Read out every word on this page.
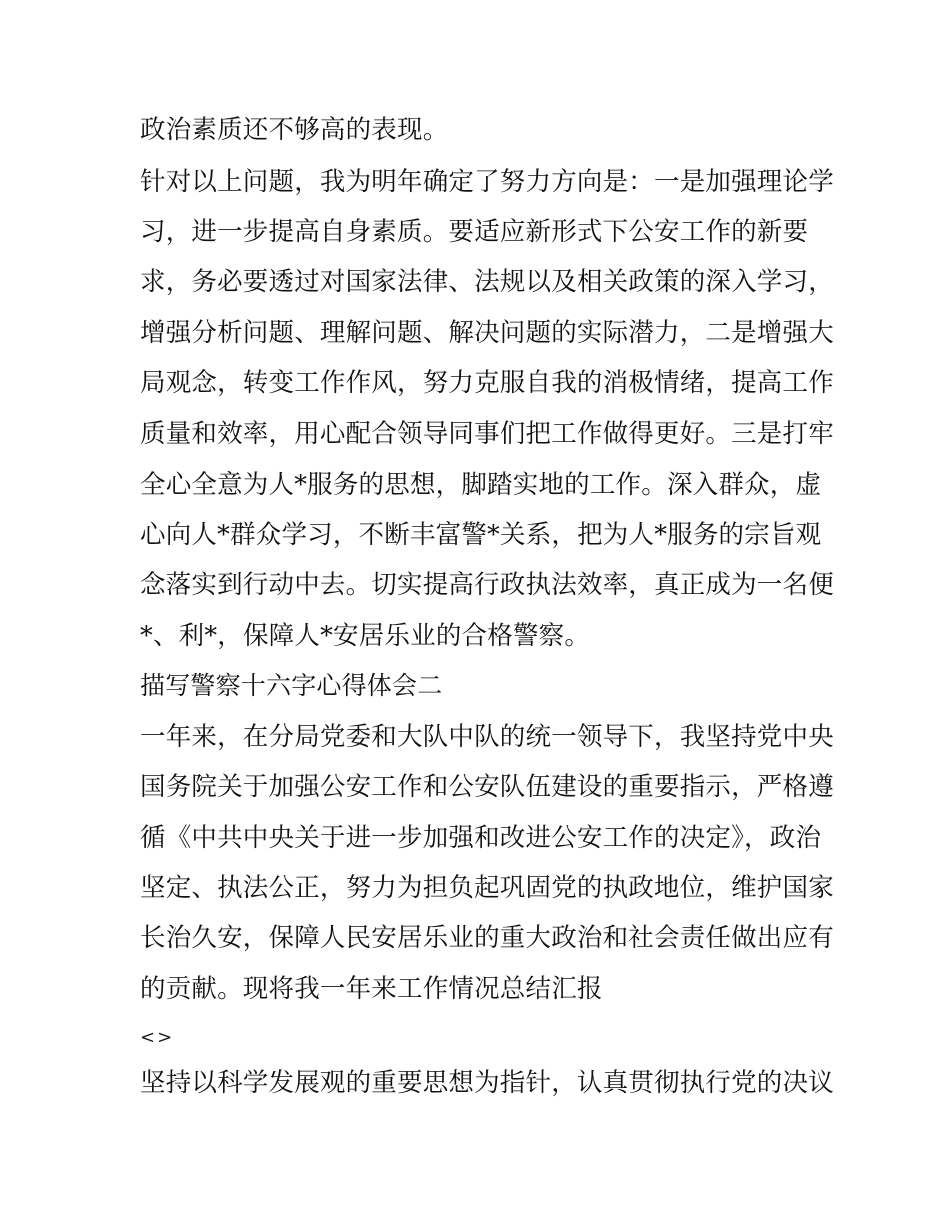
政治素质还不够高的表现。
针对以上问题，我为明年确定了努力方向是：一是加强理论学
习，进一步提高自身素质。要适应新形式下公安工作的新要
求，务必要透过对国家法律、法规以及相关政策的深入学习，
增强分析问题、理解问题、解决问题的实际潜力，二是增强大
局观念，转变工作作风，努力克服自我的消极情绪，提高工作
质量和效率，用心配合领导同事们把工作做得更好。三是打牢
全心全意为人*服务的思想，脚踏实地的工作。深入群众，虚
心向人*群众学习，不断丰富警*关系，把为人*服务的宗旨观
念落实到行动中去。切实提高行政执法效率，真正成为一名便
*、利*，保障人*安居乐业的合格警察。
描写警察十六字心得体会二
一年来，在分局党委和大队中队的统一领导下，我坚持党中央
国务院关于加强公安工作和公安队伍建设的重要指示，严格遵
循《中共中央关于进一步加强和改进公安工作的决定》，政治
坚定、执法公正，努力为担负起巩固党的执政地位，维护国家
长治久安，保障人民安居乐业的重大政治和社会责任做出应有
的贡献。现将我一年来工作情况总结汇报
<>
坚持以科学发展观的重要思想为指针，认真贯彻执行党的决议
